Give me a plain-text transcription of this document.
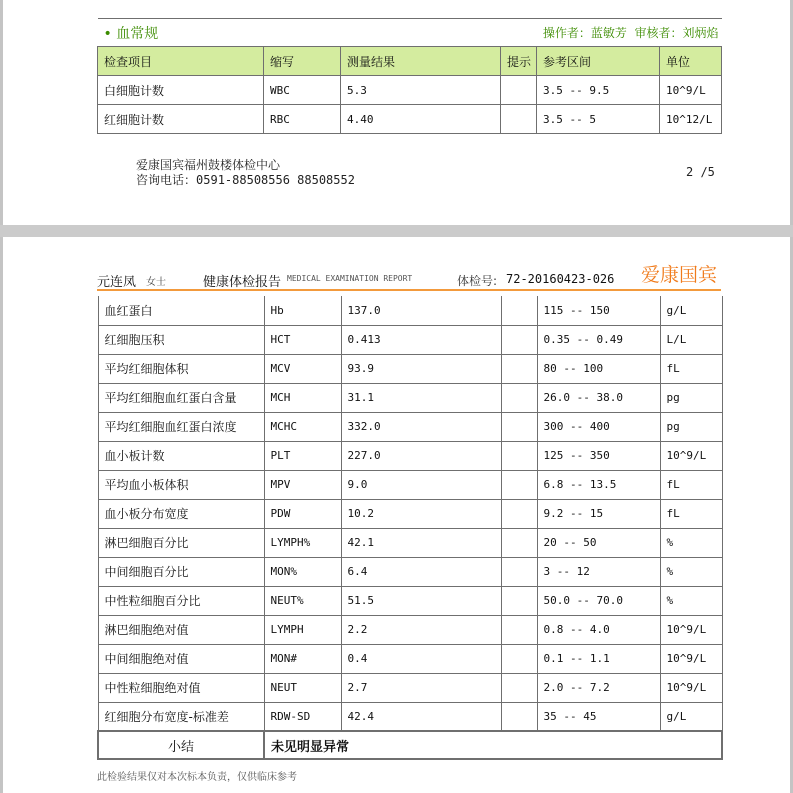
• 血常规		操作者：蓝敏芳 审核者：刘炳焰			
检查项目	缩写	测量结果	提示	参考区间	单位
白细胞计数	WBC	5.3		3.5 -- 9.5	10^9/L
红细胞计数	RBC	4.40		3.5 -- 5	10^12/L
爱康国宾福州鼓楼体检中心
咨询电话：0591-88508556 88508552
2 /5
元连凤 女士	健康体检报告 MEDICAL EXAMINATION REPORT	体检号: 72-20160423-026 爱康国宾
血红蛋白	Hb	137.0		115 -- 150	g/L
红细胞压积	HCT	0.413		0.35 -- 0.49	L/L
平均红细胞体积	MCV	93.9		80 -- 100	fL
平均红细胞血红蛋白含量	MCH	31.1		26.0 -- 38.0	pg
平均红细胞血红蛋白浓度	MCHC	332.0		300 -- 400	pg
血小板计数	PLT	227.0		125 -- 350	10^9/L
平均血小板体积	MPV	9.0		6.8 -- 13.5	fL
血小板分布宽度	PDW	10.2		9.2 -- 15	fL
淋巴细胞百分比	LYMPH%	42.1		20 -- 50	%
中间细胞百分比	MON%	6.4		3 -- 12	%
中性粒细胞百分比	NEUT%	51.5		50.0 -- 70.0	%
淋巴细胞绝对值	LYMPH	2.2		0.8 -- 4.0	10^9/L
中间细胞绝对值	MON#	0.4		0.1 -- 1.1	10^9/L
中性粒细胞绝对值	NEUT	2.7		2.0 -- 7.2	10^9/L
红细胞分布宽度-标准差	RDW-SD	42.4		35 -- 45	g/L
小结	未见明显异常				
此检验结果仅对本次标本负责，仅供临床参考
